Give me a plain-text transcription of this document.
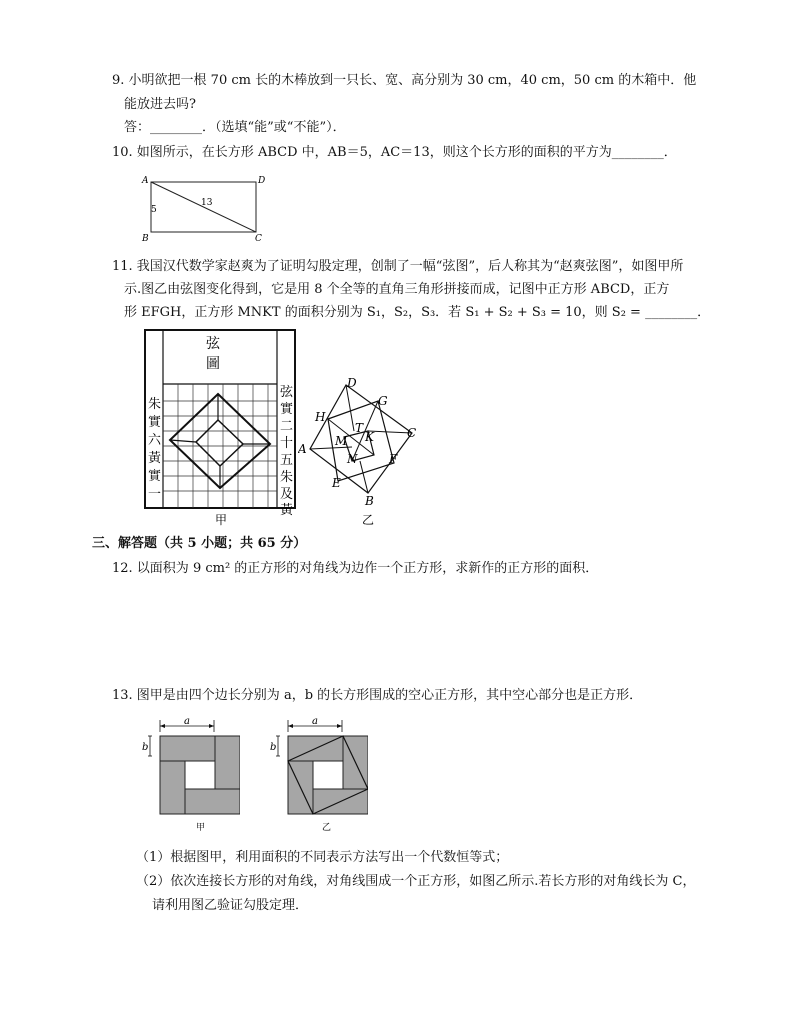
9. 小明欲把一根 70 cm 长的木棒放到一只长、宽、高分别为 30 cm，40 cm，50 cm 的木箱中．他
能放进去吗?
答：________．（选填“能”或“不能”）．
10. 如图所示，在长方形 ABCD 中，AB＝5，AC＝13，则这个长方形的面积的平方为________．
A	D
B	C
5
13
11. 我国汉代数学家赵爽为了证明勾股定理，创制了一幅“弦图”，后人称其为“赵爽弦图”，如图甲所
示.图乙由弦图变化得到，它是用 8 个全等的直角三角形拼接而成，记图中正方形 ABCD，正方
形 EFGH，正方形 MNKT 的面积分别为 S₁，S₂，S₃．若 S₁ + S₂ + S₃ = 10，则 S₂ = ________．
弦
圖
朱
實
六
黃
實
一
弦
實
二
十
五
朱
及
黃
甲
D
C
B
A
G
H
E
F
M
N
K
T
乙
三、解答题（共 5 小题；共 65 分）
12. 以面积为 9 cm² 的正方形的对角线为边作一个正方形，求新作的正方形的面积．
13. 图甲是由四个边长分别为 a，b 的长方形围成的空心正方形，其中空心部分也是正方形．
a
b
甲
a
b
乙
（1）根据图甲，利用面积的不同表示方法写出一个代数恒等式；
（2）依次连接长方形的对角线，对角线围成一个正方形，如图乙所示.若长方形的对角线长为 C，
请利用图乙验证勾股定理．
